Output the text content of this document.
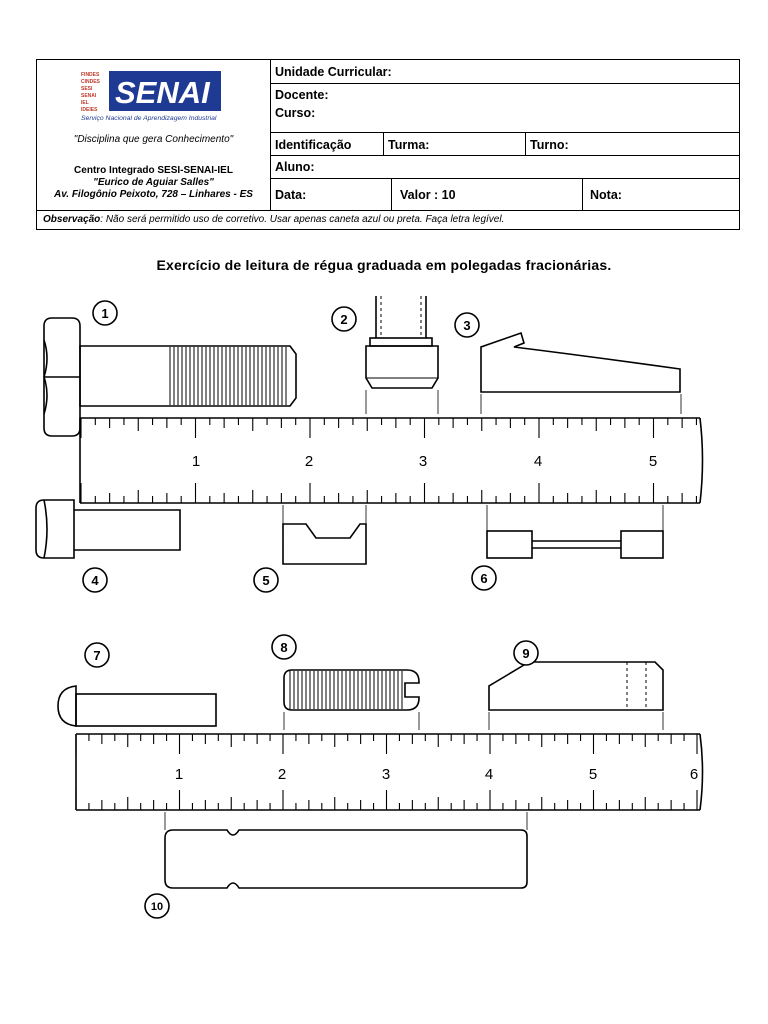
FINDES
CINDES
SESI
SENAI
IEL
IDEIES SENAI
Serviço Nacional de Aprendizagem Industrial
"Disciplina que gera Conhecimento"
Centro Integrado SESI-SENAI-IEL
"Eurico de Aguiar Salles"
Av. Filogônio Peixoto, 728 – Linhares - ES
Unidade Curricular:
Docente:
Curso:
Identificação	Turma:	Turno:
Aluno:
Data:	Valor : 10	Nota:
Observação: Não será permitido uso de corretivo. Usar apenas caneta azul ou preta. Faça letra legível.
Exercício de leitura de régua graduada em polegadas fracionárias.
1	2	3	4	5
1	2	3	4	5	6
1	2	3
4	5	6
7
8	9
10
